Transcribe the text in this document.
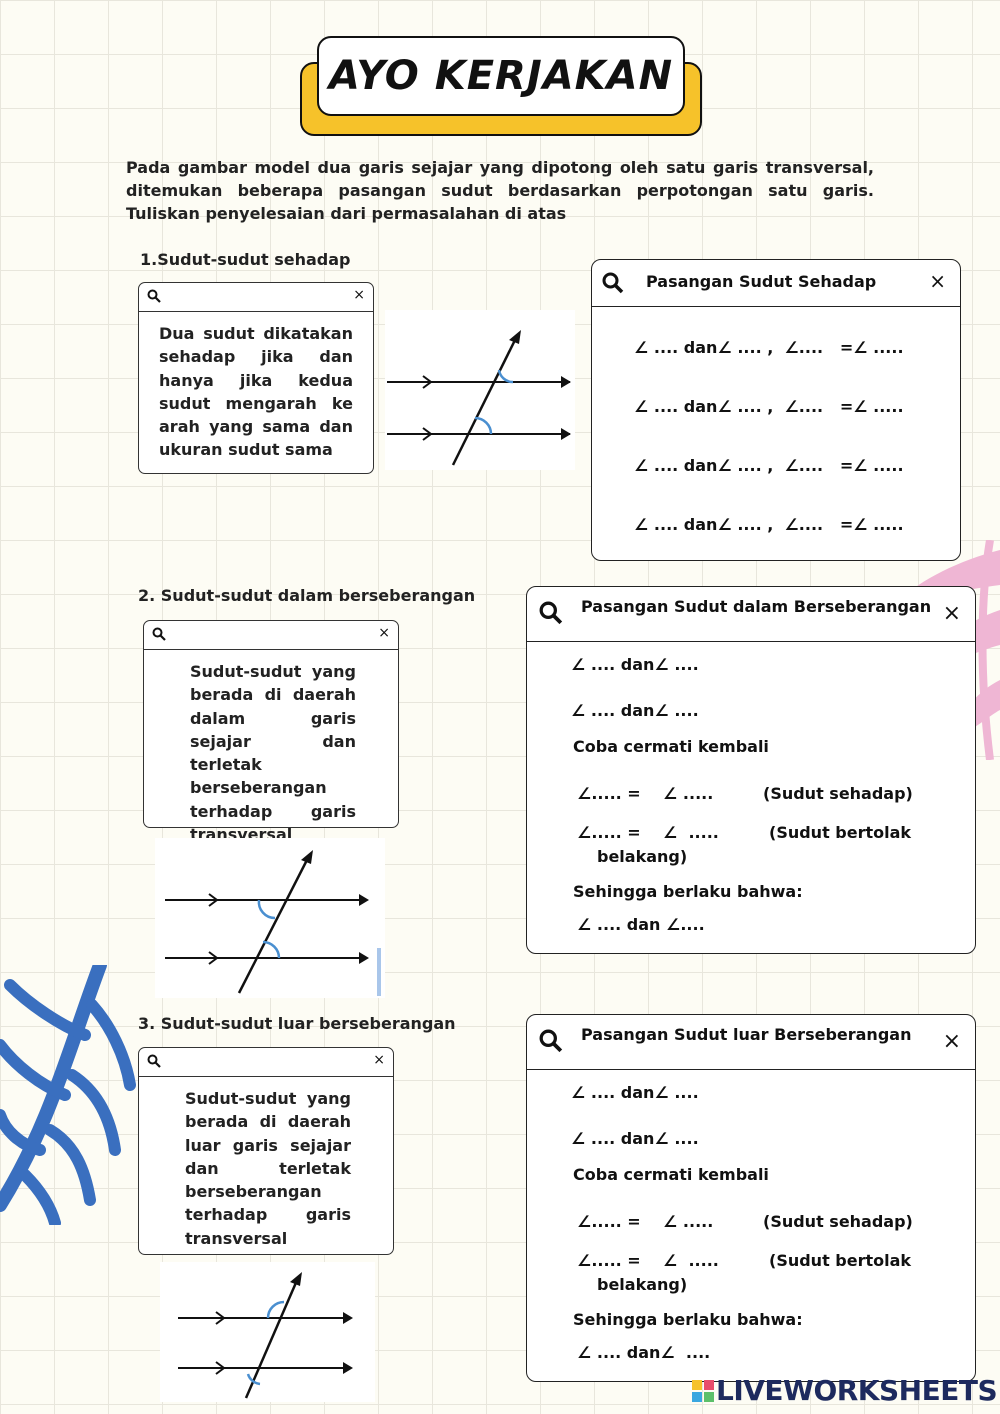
AYO KERJAKAN
Pada gambar model dua garis sejajar yang dipotong oleh satu garis transversal, ditemukan beberapa pasangan sudut berdasarkan perpotongan satu garis. Tuliskan penyelesaian dari permasalahan di atas
1.Sudut-sudut sehadap
×
Dua sudut dikatakan sehadap jika dan hanya jika kedua sudut mengarah ke arah yang sama dan ukuran sudut sama
Pasangan Sudut Sehadap	×
∠ .... dan∠ .... ,  ∠....   =∠ .....
∠ .... dan∠ .... ,  ∠....   =∠ .....
∠ .... dan∠ .... ,  ∠....   =∠ .....
∠ .... dan∠ .... ,  ∠....   =∠ .....
2. Sudut-sudut dalam berseberangan
×
Sudut-sudut yang berada di daerah dalam garis sejajar dan terletak berseberangan terhadap garis transversal
Pasangan Sudut dalam Berseberangan ×
∠ .... dan∠ ....
∠ .... dan∠ ....
Coba cermati kembali
∠..... =    ∠ .....	(Sudut sehadap)
∠..... =    ∠  .....	(Sudut bertolak
belakang)
Sehingga berlaku bahwa:
∠ .... dan ∠....
3. Sudut-sudut luar berseberangan
×
Sudut-sudut yang berada di daerah luar garis sejajar dan terletak berseberangan terhadap garis transversal
Pasangan Sudut luar Berseberangan ×
∠ .... dan∠ ....
∠ .... dan∠ ....
Coba cermati kembali
∠..... =    ∠ .....	(Sudut sehadap)
∠..... =    ∠  .....	(Sudut bertolak
belakang)
Sehingga berlaku bahwa:
∠ .... dan∠  ....
LIVEWORKSHEETS
